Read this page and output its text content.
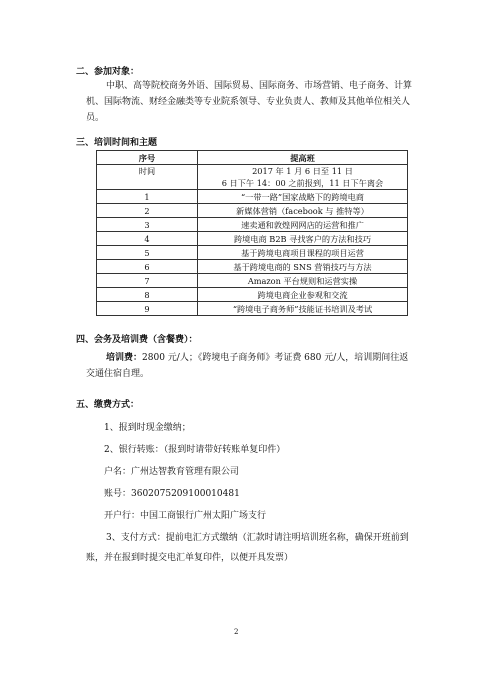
二、参加对象：
中职、高等院校商务外语、国际贸易、国际商务、市场营销、电子商务、计算机、国际物流、财经金融类等专业院系领导、专业负责人、教师及其他单位相关人员。
三、培训时间和主题
序号	提高班
时间	2017 年 1 月 6 日至 11 日
6 日下午 14：00 之前报到，11 日下午离会

1	“一带一路”国家战略下的跨境电商
2	新媒体营销（facebook 与 推特等）
3	速卖通和敦煌网网店的运营和推广
4	跨境电商 B2B 寻找客户的方法和技巧
5	基于跨境电商项目课程的项目运营
6	基于跨境电商的 SNS 营销技巧与方法
7	Amazon 平台规则和运营实操
8	跨境电商企业参观和交流
9	“跨境电子商务师”技能证书培训及考试
四、会务及培训费（含餐费）：
培训费：2800 元/人；《跨境电子商务师》考证费 680 元/人，培训期间往返交通住宿自理。
五、缴费方式：
1、报到时现金缴纳；
2、银行转账：（报到时请带好转账单复印件）
户名：广州达智教育管理有限公司
账号：3602075209100010481
开户行：中国工商银行广州太阳广场支行
3、支付方式：提前电汇方式缴纳（汇款时请注明培训班名称，确保开班前到账，并在报到时提交电汇单复印件，以便开具发票）
2
